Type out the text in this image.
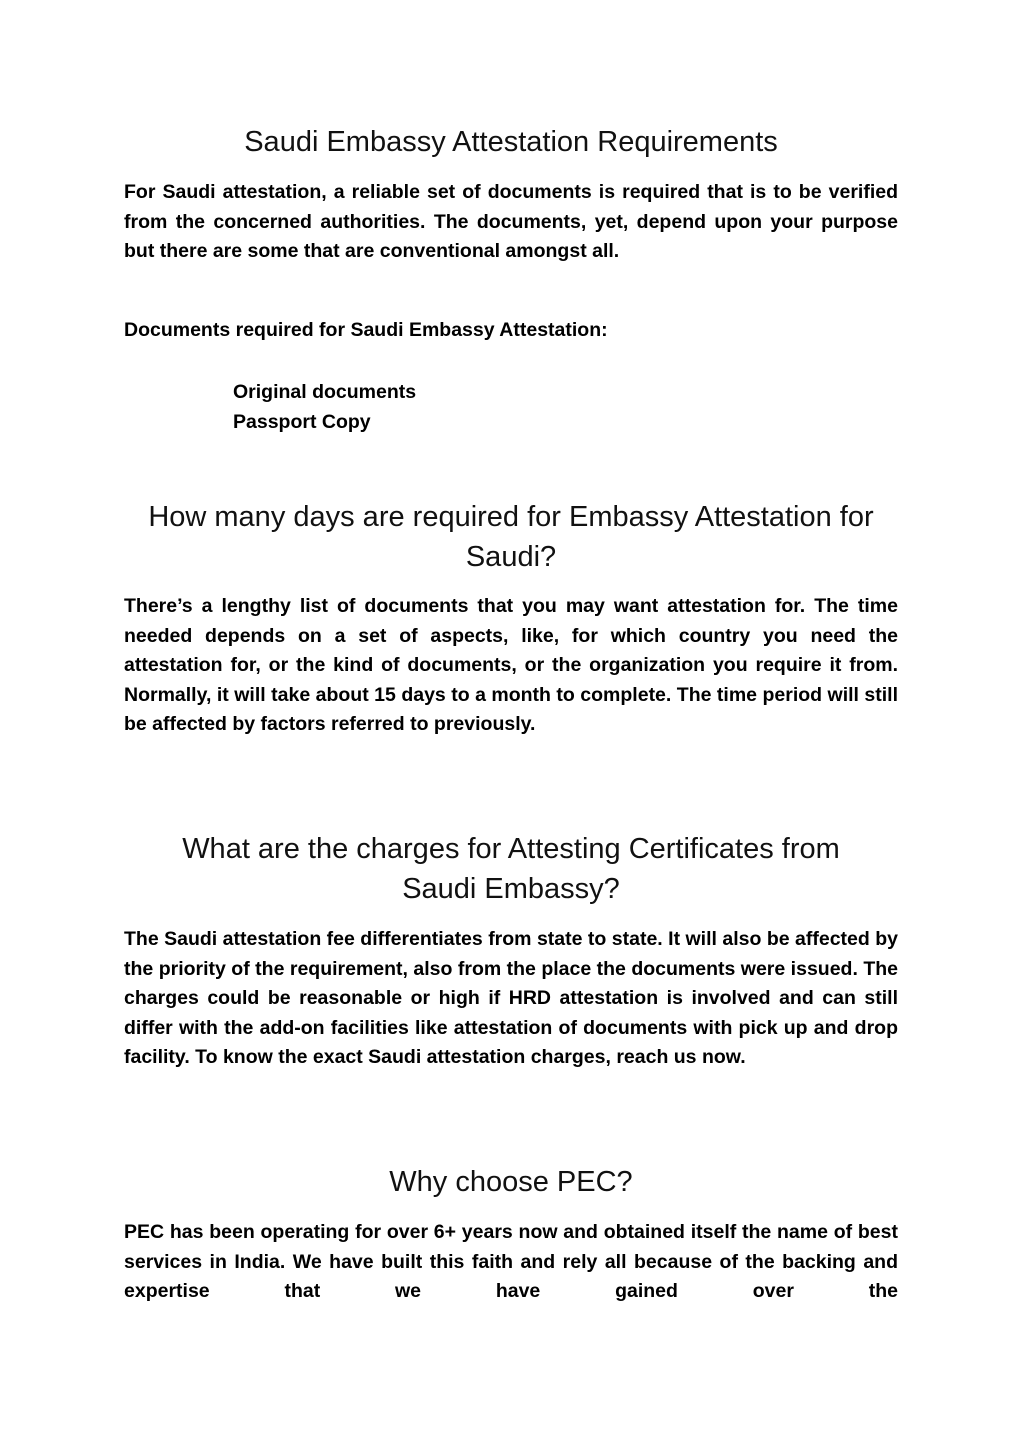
Saudi Embassy Attestation Requirements

For Saudi attestation, a reliable set of documents is required that is to be verified from the concerned authorities. The documents, yet, depend upon your purpose but there are some that are conventional amongst all.

Documents required for Saudi Embassy Attestation:

Original documents
Passport Copy
How many days are required for Embassy Attestation for Saudi?

There’s a lengthy list of documents that you may want attestation for. The time needed depends on a set of aspects, like, for which country you need the attestation for, or the kind of documents, or the organization you require it from. Normally, it will take about 15 days to a month to complete. The time period will still be affected by factors referred to previously.

What are the charges for Attesting Certificates from Saudi Embassy?

The Saudi attestation fee differentiates from state to state. It will also be affected by the priority of the requirement, also from the place the documents were issued. The charges could be reasonable or high if HRD attestation is involved and can still differ with the add-on facilities like attestation of documents with pick up and drop facility. To know the exact Saudi attestation charges, reach us now.

Why choose PEC?

PEC has been operating for over 6+ years now and obtained itself the name of best services in India. We have built this faith and rely all because of the backing and expertise that we have gained over the
